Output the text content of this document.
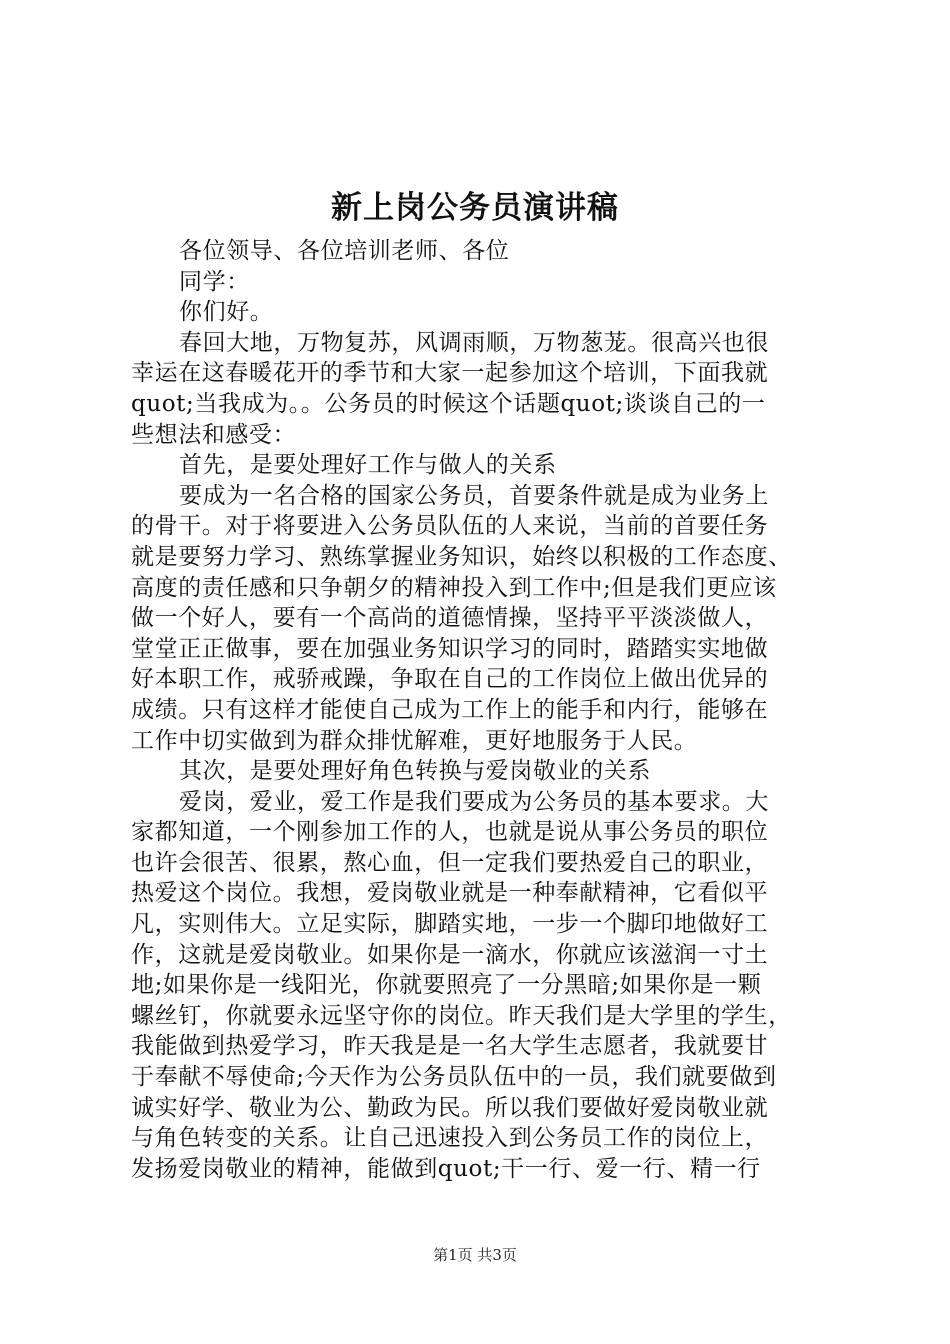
新上岗公务员演讲稿
各位领导、各位培训老师、各位
同学：
你们好。
春回大地，万物复苏，风调雨顺，万物葱茏。很高兴也很
幸运在这春暖花开的季节和大家一起参加这个培训，下面我就
quot;当我成为。。公务员的时候这个话题quot;谈谈自己的一
些想法和感受：
首先，是要处理好工作与做人的关系
要成为一名合格的国家公务员，首要条件就是成为业务上
的骨干。对于将要进入公务员队伍的人来说，当前的首要任务
就是要努力学习、熟练掌握业务知识，始终以积极的工作态度、
高度的责任感和只争朝夕的精神投入到工作中;但是我们更应该
做一个好人，要有一个高尚的道德情操，坚持平平淡淡做人，
堂堂正正做事，要在加强业务知识学习的同时，踏踏实实地做
好本职工作，戒骄戒躁，争取在自己的工作岗位上做出优异的
成绩。只有这样才能使自己成为工作上的能手和内行，能够在
工作中切实做到为群众排忧解难，更好地服务于人民。
其次，是要处理好角色转换与爱岗敬业的关系
爱岗，爱业，爱工作是我们要成为公务员的基本要求。大
家都知道，一个刚参加工作的人，也就是说从事公务员的职位
也许会很苦、很累，熬心血，但一定我们要热爱自己的职业，
热爱这个岗位。我想，爱岗敬业就是一种奉献精神，它看似平
凡，实则伟大。立足实际，脚踏实地，一步一个脚印地做好工
作，这就是爱岗敬业。如果你是一滴水，你就应该滋润一寸土
地;如果你是一线阳光，你就要照亮了一分黑暗;如果你是一颗
螺丝钉，你就要永远坚守你的岗位。昨天我们是大学里的学生，
我能做到热爱学习，昨天我是是一名大学生志愿者，我就要甘
于奉献不辱使命;今天作为公务员队伍中的一员，我们就要做到
诚实好学、敬业为公、勤政为民。所以我们要做好爱岗敬业就
与角色转变的关系。让自己迅速投入到公务员工作的岗位上，
发扬爱岗敬业的精神，能做到quot;干一行、爱一行、精一行
第1页 共3页
